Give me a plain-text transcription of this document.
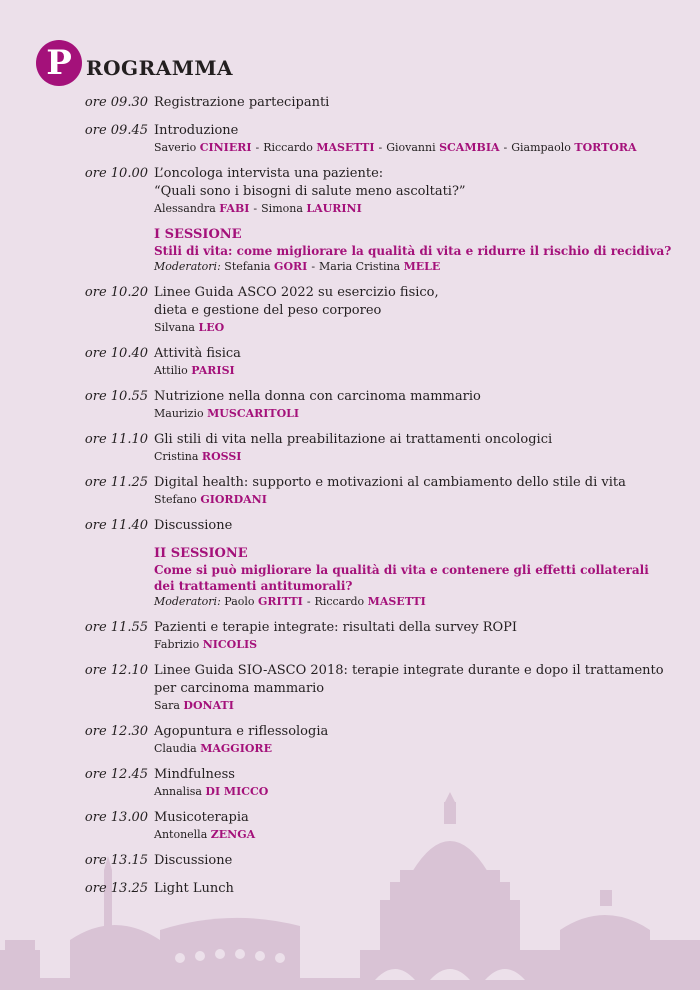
P ROGRAMMA
ore 09.30 Registrazione partecipanti
ore 09.45 Introduzione
Saverio CINIERI - Riccardo MASETTI - Giovanni SCAMBIA - Giampaolo TORTORA
ore 10.00 L’oncologa intervista una paziente:
“Quali sono i bisogni di salute meno ascoltati?”
Alessandra FABI - Simona LAURINI
I SESSIONE
Stili di vita: come migliorare la qualità di vita e ridurre il rischio di recidiva?
Moderatori: Stefania GORI - Maria Cristina MELE
ore 10.20 Linee Guida ASCO 2022 su esercizio fisico,
dieta e gestione del peso corporeo
Silvana LEO
ore 10.40 Attività fisica
Attilio PARISI
ore 10.55 Nutrizione nella donna con carcinoma mammario
Maurizio MUSCARITOLI
ore 11.10 Gli stili di vita nella preabilitazione ai trattamenti oncologici
Cristina ROSSI
ore 11.25 Digital health: supporto e motivazioni al cambiamento dello stile di vita
Stefano GIORDANI
ore 11.40 Discussione
II SESSIONE
Come si può migliorare la qualità di vita e contenere gli effetti collaterali
dei trattamenti antitumorali?
Moderatori: Paolo GRITTI - Riccardo MASETTI
ore 11.55 Pazienti e terapie integrate: risultati della survey ROPI
Fabrizio NICOLIS
ore 12.10 Linee Guida SIO-ASCO 2018: terapie integrate durante e dopo il trattamento
per carcinoma mammario
Sara DONATI
ore 12.30 Agopuntura e riflessologia
Claudia MAGGIORE
ore 12.45 Mindfulness
Annalisa DI MICCO
ore 13.00 Musicoterapia
Antonella ZENGA
ore 13.15 Discussione
ore 13.25 Light Lunch
